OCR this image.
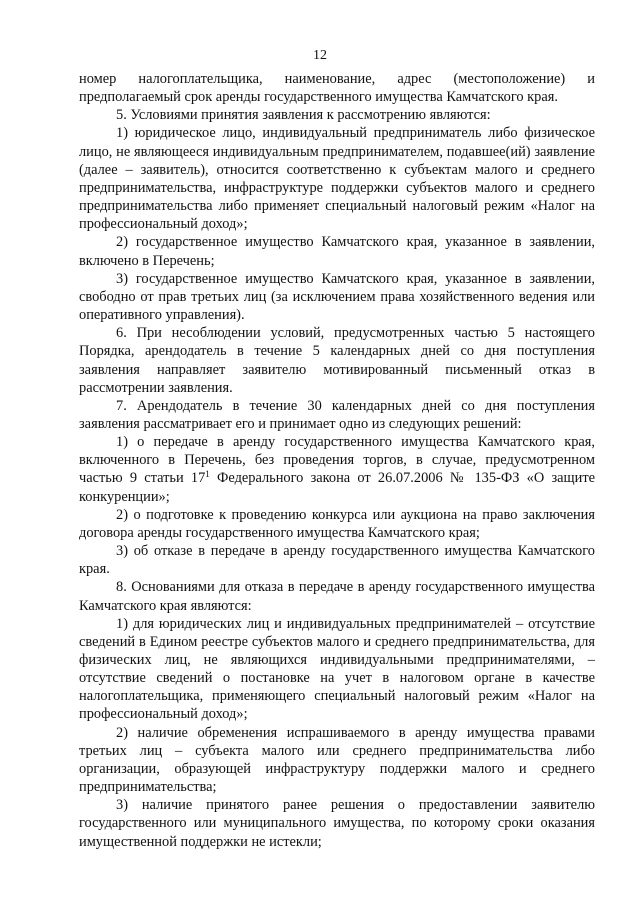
12

номер налогоплательщика, наименование, адрес (местоположение) и предполагаемый срок аренды государственного имущества Камчатского края.

5. Условиями принятия заявления к рассмотрению являются:

1) юридическое лицо, индивидуальный предприниматель либо физическое лицо, не являющееся индивидуальным предпринимателем, подавшее(ий) заявление (далее – заявитель), относится соответственно к субъектам малого и среднего предпринимательства, инфраструктуре поддержки субъектов малого и среднего предпринимательства либо применяет специальный налоговый режим «Налог на профессиональный доход»;

2) государственное имущество Камчатского края, указанное в заявлении, включено в Перечень;

3) государственное имущество Камчатского края, указанное в заявлении, свободно от прав третьих лиц (за исключением права хозяйственного ведения или оперативного управления).

6. При несоблюдении условий, предусмотренных частью 5 настоящего Порядка, арендодатель в течение 5 календарных дней со дня поступления заявления направляет заявителю мотивированный письменный отказ в рассмотрении заявления.

7. Арендодатель в течение 30 календарных дней со дня поступления заявления рассматривает его и принимает одно из следующих решений:

1) о передаче в аренду государственного имущества Камчатского края, включенного в Перечень, без проведения торгов, в случае, предусмотренном частью 9 статьи $17^1$ Федерального закона от 26.07.2006 № 135-ФЗ «О защите конкуренции»;

2) о подготовке к проведению конкурса или аукциона на право заключения договора аренды государственного имущества Камчатского края;

3) об отказе в передаче в аренду государственного имущества Камчатского края.

8. Основаниями для отказа в передаче в аренду государственного имущества Камчатского края являются:

1) для юридических лиц и индивидуальных предпринимателей – отсутствие сведений в Едином реестре субъектов малого и среднего предпринимательства, для физических лиц, не являющихся индивидуальными предпринимателями, –отсутствие сведений о постановке на учет в налоговом органе в качестве налогоплательщика, применяющего специальный налоговый режим «Налог на профессиональный доход»;

2) наличие обременения испрашиваемого в аренду имущества правами третьих лиц – субъекта малого или среднего предпринимательства либо организации, образующей инфраструктуру поддержки малого и среднего предпринимательства;

3) наличие принятого ранее решения о предоставлении заявителю государственного или муниципального имущества, по которому сроки оказания имущественной поддержки не истекли;
